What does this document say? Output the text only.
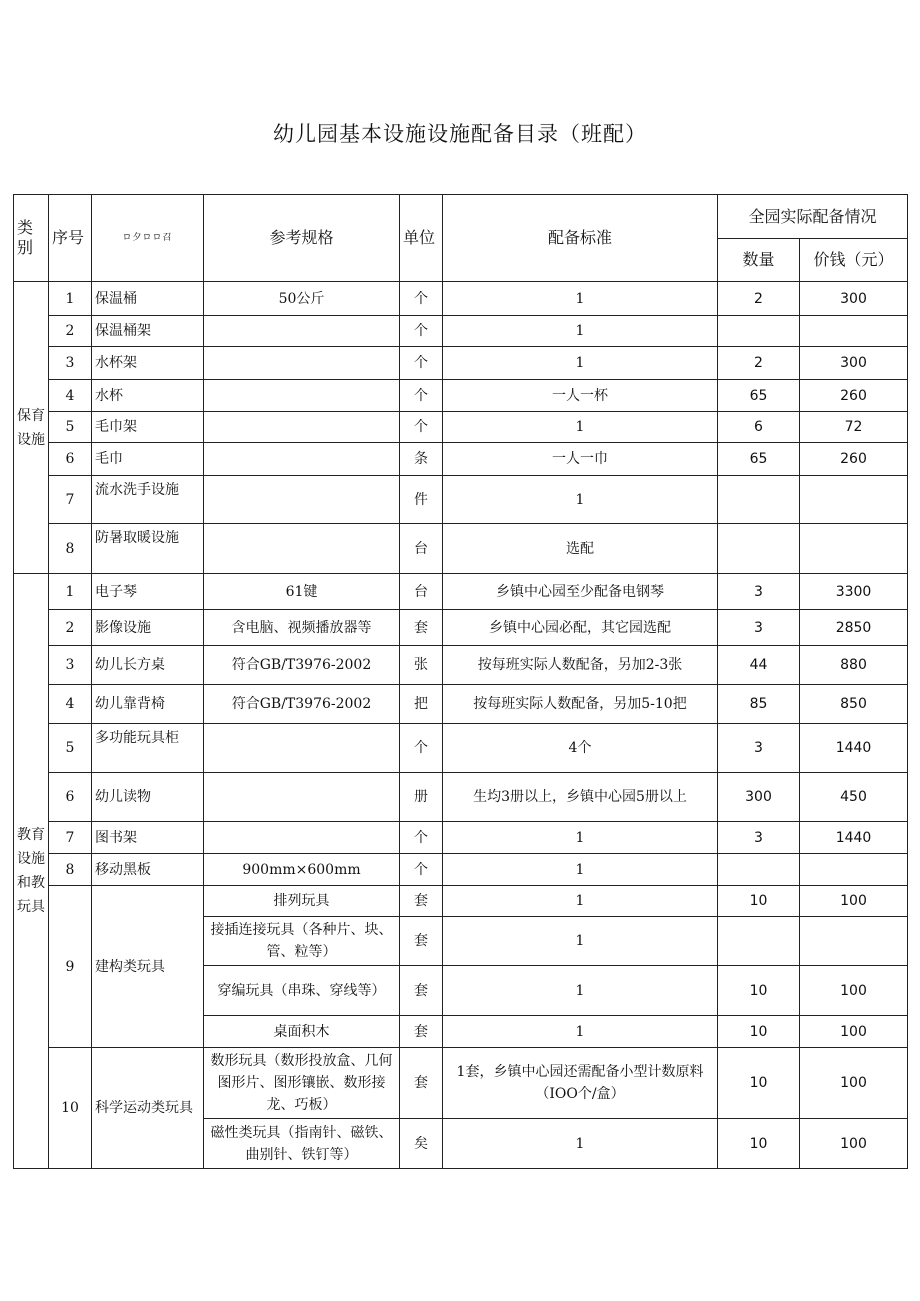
幼儿园基本设施设施配备目录（班配）
类别	序号	ロ夕ロロ召	参考规格	单位	配备标准	全园实际配备情况	
						数量	价钱（元）
保育设施	1	保温桶	50公斤	个	1	2	300
	2	保温桶架		个	1		
	3	水杯架		个	1	2	300
	4	水杯		个	一人一杯	65	260
	5	毛巾架		个	1	6	72
	6	毛巾		条	一人一巾	65	260
	7	流水洗手设施		件	1		
	8	防暑取暖设施		台	选配		
教育设施和教玩具	1	电子琴	61键	台	乡镇中心园至少配备电钢琴	3	3300
	2	影像设施	含电脑、视频播放器等	套	乡镇中心园必配，其它园选配	3	2850
	3	幼儿长方桌	符合GB/T3976-2002	张	按每班实际人数配备，另加2-3张	44	880
	4	幼儿靠背椅	符合GB/T3976-2002	把	按每班实际人数配备，另加5-10把	85	850
	5	多功能玩具柜		个	4个	3	1440
	6	幼儿读物		册	生均3册以上，乡镇中心园5册以上	300	450
	7	图书架		个	1	3	1440
	8	移动黑板	900mm×600mm	个	1		
	9	建构类玩具	排列玩具	套	1	10	100
			接插连接玩具（各种片、块、管、粒等）	套	1		
			穿编玩具（串珠、穿线等）	套	1	10	100
			桌面积木	套	1	10	100
	10	科学运动类玩具	数形玩具（数形投放盒、几何图形片、图形镶嵌、数形接龙、巧板）	套	1套，乡镇中心园还需配备小型计数原料（IOO个/盒）	10	100
			磁性类玩具（指南针、磁铁、曲别针、铁钉等）	矣	1	10	100
